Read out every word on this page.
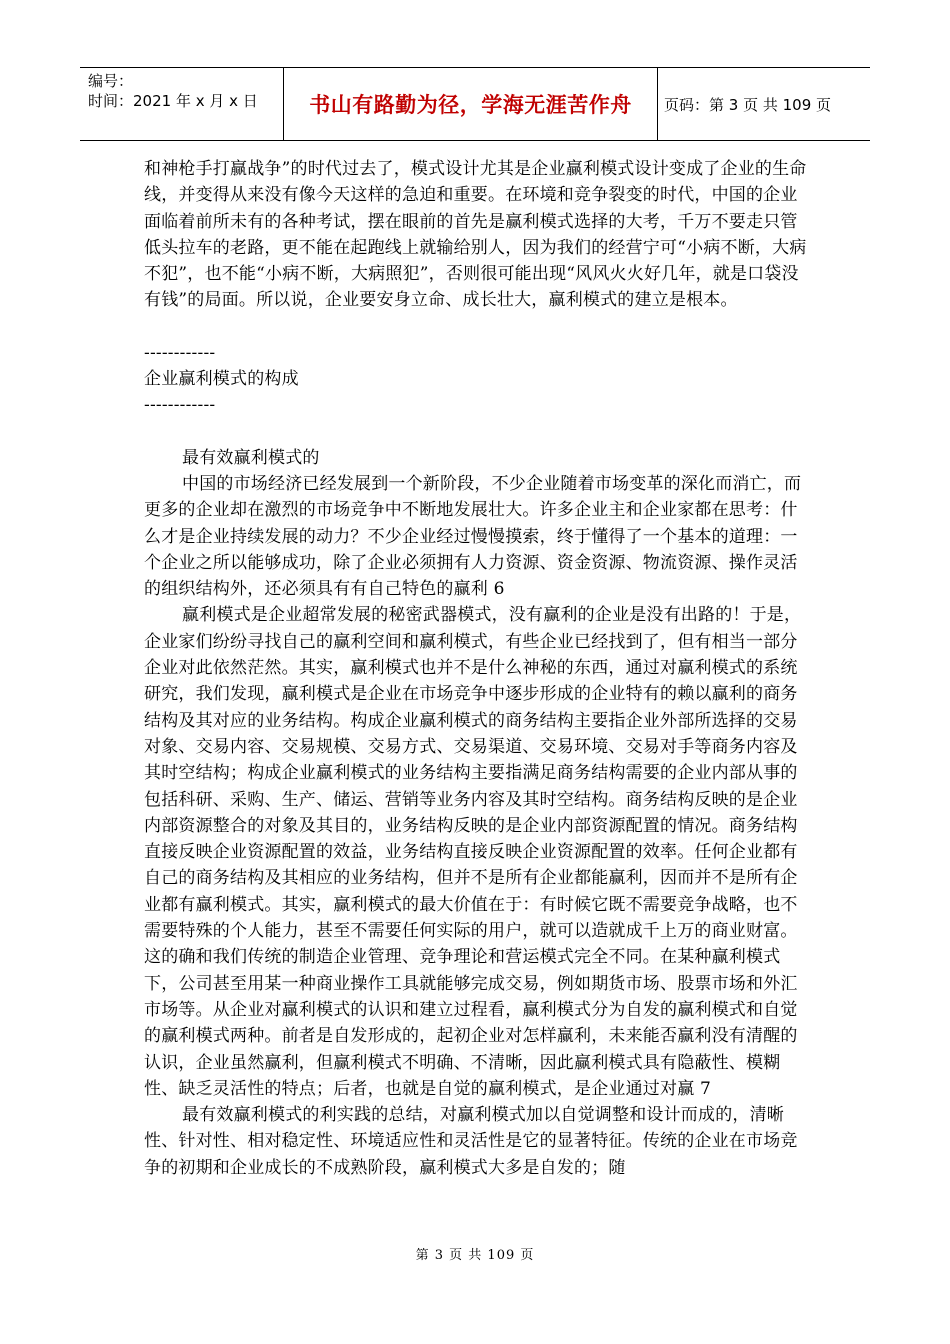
编号：
时间：2021 年 x 月 x 日	书山有路勤为径，学海无涯苦作舟	页码：第 3 页 共 109 页

和神枪手打赢战争”的时代过去了，模式设计尤其是企业赢利模式设计变成了企业的生命线，并变得从来没有像今天这样的急迫和重要。在环境和竞争裂变的时代，中国的企业面临着前所未有的各种考试，摆在眼前的首先是赢利模式选择的大考，千万不要走只管低头拉车的老路，更不能在起跑线上就输给别人，因为我们的经营宁可“小病不断，大病不犯”，也不能“小病不断，大病照犯”，否则很可能出现“风风火火好几年，就是口袋没有钱”的局面。所以说，企业要安身立命、成长壮大，赢利模式的建立是根本。

------------

企业赢利模式的构成

------------

最有效赢利模式的

中国的市场经济已经发展到一个新阶段，不少企业随着市场变革的深化而消亡，而更多的企业却在激烈的市场竞争中不断地发展壮大。许多企业主和企业家都在思考：什么才是企业持续发展的动力？不少企业经过慢慢摸索，终于懂得了一个基本的道理：一个企业之所以能够成功，除了企业必须拥有人力资源、资金资源、物流资源、操作灵活的组织结构外，还必须具有有自己特色的赢利 6

赢利模式是企业超常发展的秘密武器模式，没有赢利的企业是没有出路的！于是，企业家们纷纷寻找自己的赢利空间和赢利模式，有些企业已经找到了，但有相当一部分企业对此依然茫然。其实，赢利模式也并不是什么神秘的东西，通过对赢利模式的系统研究，我们发现，赢利模式是企业在市场竞争中逐步形成的企业特有的赖以赢利的商务结构及其对应的业务结构。构成企业赢利模式的商务结构主要指企业外部所选择的交易对象、交易内容、交易规模、交易方式、交易渠道、交易环境、交易对手等商务内容及其时空结构；构成企业赢利模式的业务结构主要指满足商务结构需要的企业内部从事的包括科研、采购、生产、储运、营销等业务内容及其时空结构。商务结构反映的是企业内部资源整合的对象及其目的，业务结构反映的是企业内部资源配置的情况。商务结构直接反映企业资源配置的效益，业务结构直接反映企业资源配置的效率。任何企业都有自己的商务结构及其相应的业务结构，但并不是所有企业都能赢利，因而并不是所有企业都有赢利模式。其实，赢利模式的最大价值在于：有时候它既不需要竞争战略，也不需要特殊的个人能力，甚至不需要任何实际的用户，就可以造就成千上万的商业财富。这的确和我们传统的制造企业管理、竞争理论和营运模式完全不同。在某种赢利模式下，公司甚至用某一种商业操作工具就能够完成交易，例如期货市场、股票市场和外汇市场等。从企业对赢利模式的认识和建立过程看，赢利模式分为自发的赢利模式和自觉的赢利模式两种。前者是自发形成的，起初企业对怎样赢利，未来能否赢利没有清醒的认识，企业虽然赢利，但赢利模式不明确、不清晰，因此赢利模式具有隐蔽性、模糊性、缺乏灵活性的特点；后者，也就是自觉的赢利模式，是企业通过对赢 7

最有效赢利模式的利实践的总结，对赢利模式加以自觉调整和设计而成的，清晰性、针对性、相对稳定性、环境适应性和灵活性是它的显著特征。传统的企业在市场竞争的初期和企业成长的不成熟阶段，赢利模式大多是自发的；随

第 3 页 共 109 页
